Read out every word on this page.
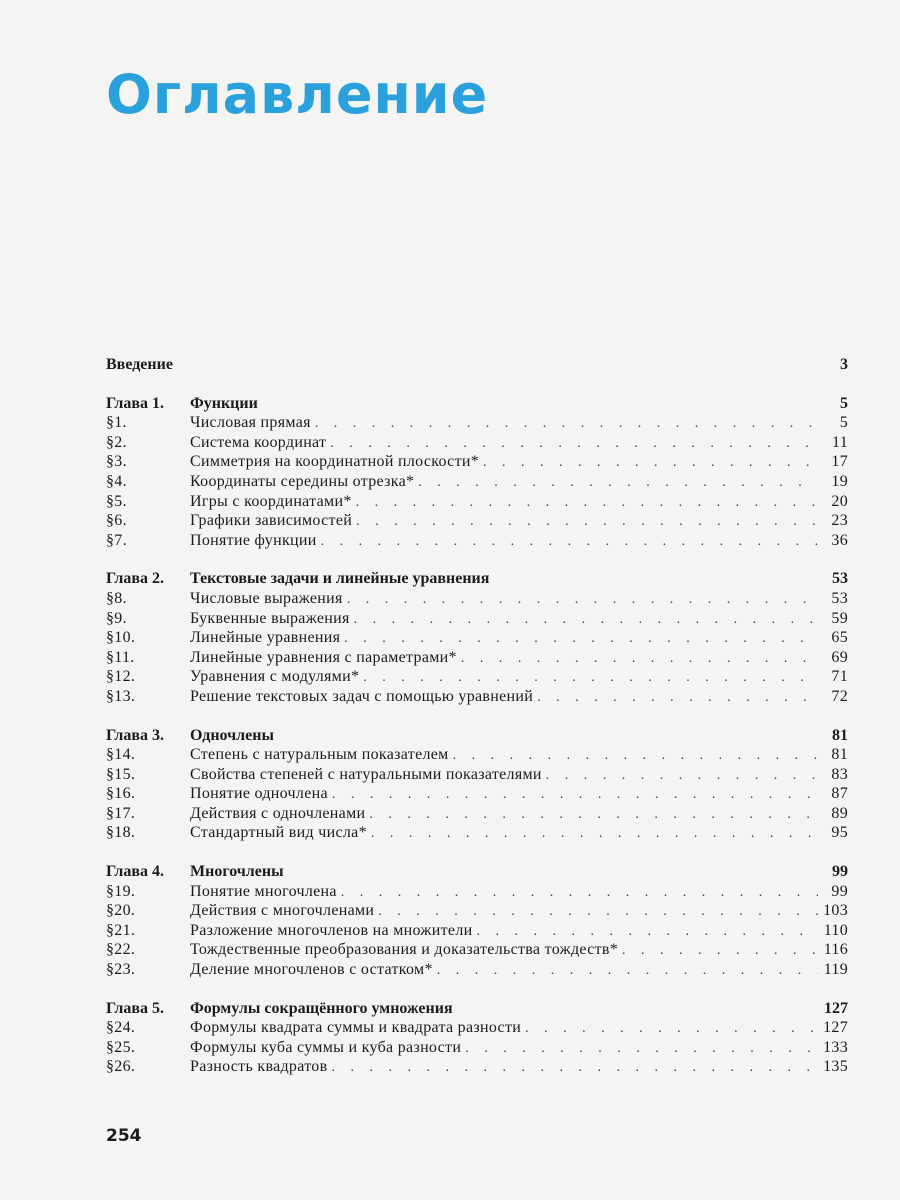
Оглавление
Введение	3
Глава 1.	Функции	5
§1.	Числовая прямая . . .	5
§2.	Система координат . . .	11
§3.	Симметрия на координатной плоскости* . . .	17
§4.	Координаты середины отрезка* . . .	19
§5.	Игры с координатами* . . .	20
§6.	Графики зависимостей . . .	23
§7.	Понятие функции . . .	36
Глава 2.	Текстовые задачи и линейные уравнения	53
§8.	Числовые выражения . . .	53
§9.	Буквенные выражения . . .	59
§10.	Линейные уравнения . . .	65
§11.	Линейные уравнения с параметрами* . . .	69
§12.	Уравнения с модулями* . . .	71
§13.	Решение текстовых задач с помощью уравнений . . .	72
Глава 3.	Одночлены	81
§14.	Степень с натуральным показателем . . .	81
§15.	Свойства степеней с натуральными показателями . . .	83
§16.	Понятие одночлена . . .	87
§17.	Действия с одночленами . . .	89
§18.	Стандартный вид числа* . . .	95
Глава 4.	Многочлены	99
§19.	Понятие многочлена . . .	99
§20.	Действия с многочленами . . .	103
§21.	Разложение многочленов на множители . . .	110
§22.	Тождественные преобразования и доказательства тождеств* . . .	116
§23.	Деление многочленов с остатком* . . .	119
Глава 5.	Формулы сокращённого умножения	127
§24.	Формулы квадрата суммы и квадрата разности . . .	127
§25.	Формулы куба суммы и куба разности . . .	133
§26.	Разность квадратов . . .	135
254
